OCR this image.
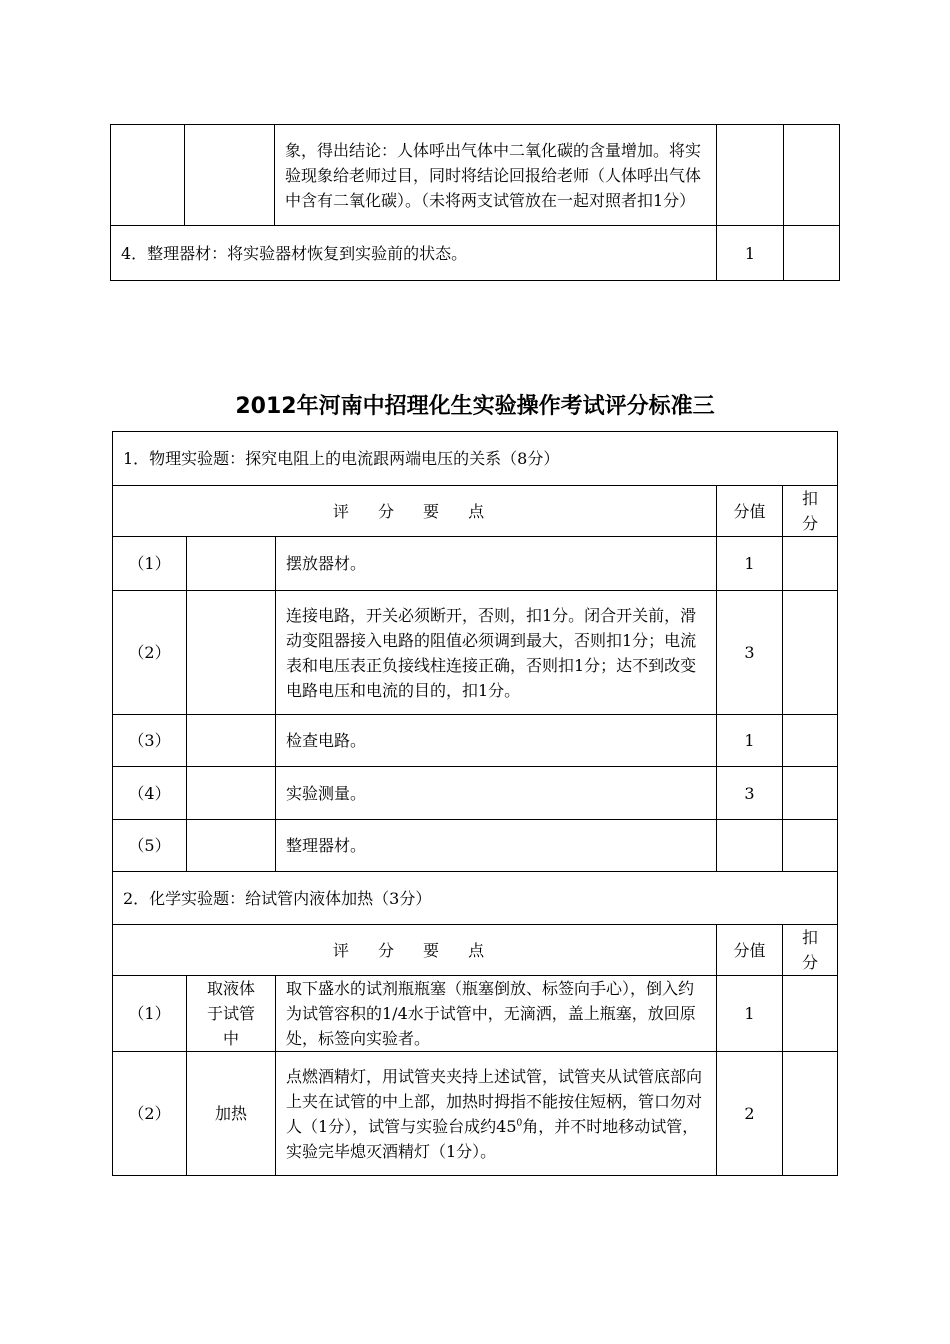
		象，得出结论：人体呼出气体中二氧化碳的含量增加。将实验现象给老师过目，同时将结论回报给老师（人体呼出气体中含有二氧化碳）。（未将两支试管放在一起对照者扣1分）		
4．整理器材：将实验器材恢复到实验前的状态。			1	
2012年河南中招理化生实验操作考试评分标准三
1．物理实验题：探究电阻上的电流跟两端电压的关系（8分）				
评 分 要 点			分值	扣分

（1）		摆放器材。	1	
（2）		连接电路，开关必须断开，否则，扣1分。闭合开关前，滑动变阻器接入电路的阻值必须调到最大，否则扣1分；电流表和电压表正负接线柱连接正确，否则扣1分；达不到改变电路电压和电流的目的，扣1分。	3	
（3）		检查电路。	1	
（4）		实验测量。	3	
（5）		整理器材。		
2．化学实验题：给试管内液体加热（3分）				
评 分 要 点			分值	扣分

（1）	取液体于试管中	取下盛水的试剂瓶瓶塞（瓶塞倒放、标签向手心），倒入约为试管容积的1/4水于试管中，无滴洒，盖上瓶塞，放回原处，标签向实验者。	1	
（2）	加热	点燃酒精灯，用试管夹夹持上述试管，试管夹从试管底部向上夹在试管的中上部，加热时拇指不能按住短柄，管口勿对人（1分），试管与实验台成约$45^0$角，并不时地移动试管，实验完毕熄灭酒精灯（1分）。	2	
